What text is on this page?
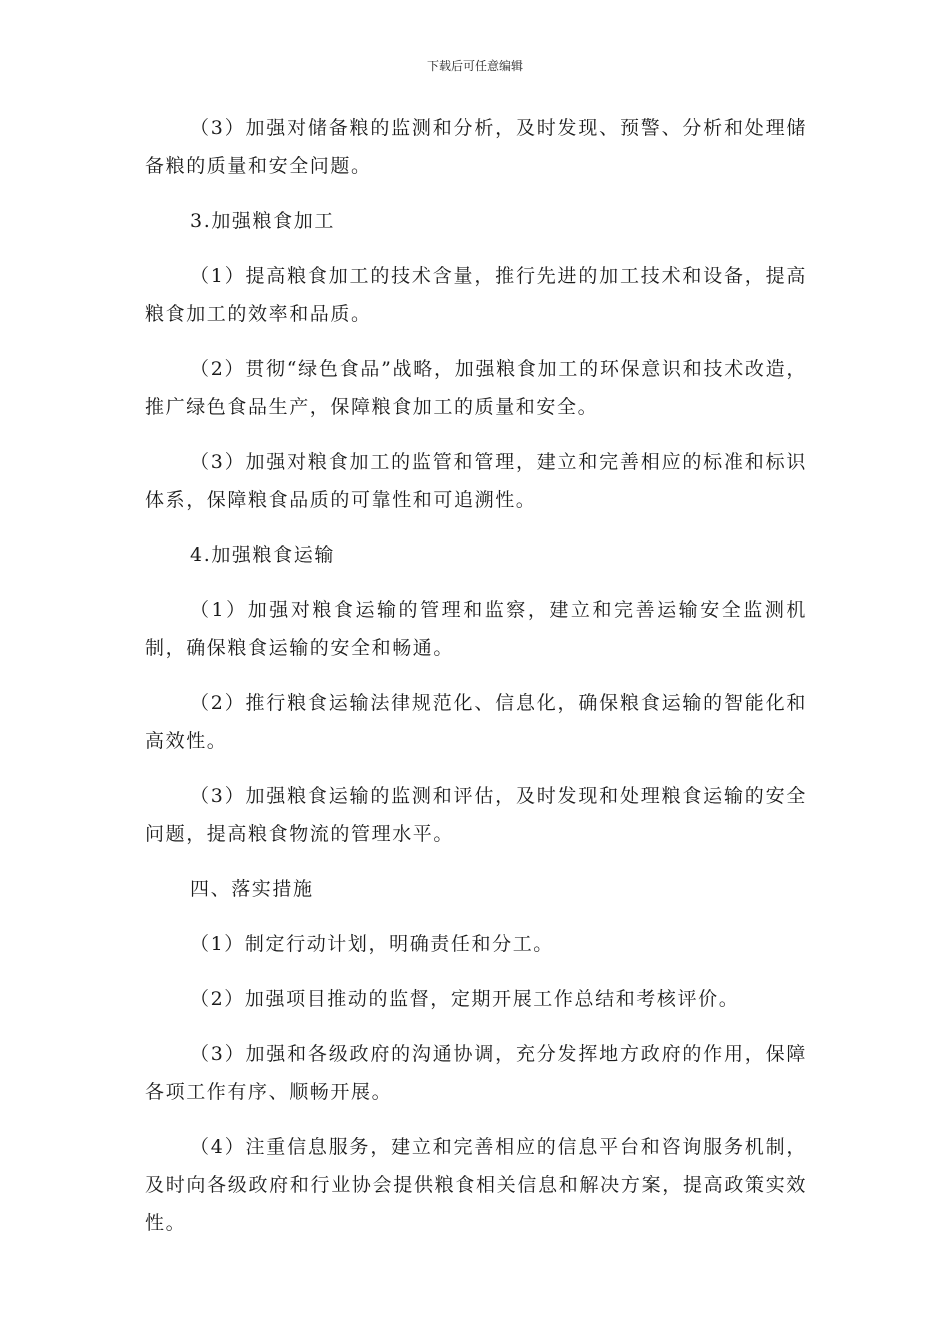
下载后可任意编辑

（3）加强对储备粮的监测和分析，及时发现、预警、分析和处理储备粮的质量和安全问题。

3.加强粮食加工

（1）提高粮食加工的技术含量，推行先进的加工技术和设备，提高粮食加工的效率和品质。

（2）贯彻“绿色食品”战略，加强粮食加工的环保意识和技术改造，推广绿色食品生产，保障粮食加工的质量和安全。

（3）加强对粮食加工的监管和管理，建立和完善相应的标准和标识体系，保障粮食品质的可靠性和可追溯性。

4.加强粮食运输

（1）加强对粮食运输的管理和监察，建立和完善运输安全监测机制，确保粮食运输的安全和畅通。

（2）推行粮食运输法律规范化、信息化，确保粮食运输的智能化和高效性。

（3）加强粮食运输的监测和评估，及时发现和处理粮食运输的安全问题，提高粮食物流的管理水平。

四、落实措施

（1）制定行动计划，明确责任和分工。

（2）加强项目推动的监督，定期开展工作总结和考核评价。

（3）加强和各级政府的沟通协调，充分发挥地方政府的作用，保障各项工作有序、顺畅开展。

（4）注重信息服务，建立和完善相应的信息平台和咨询服务机制，及时向各级政府和行业协会提供粮食相关信息和解决方案，提高政策实效性。
